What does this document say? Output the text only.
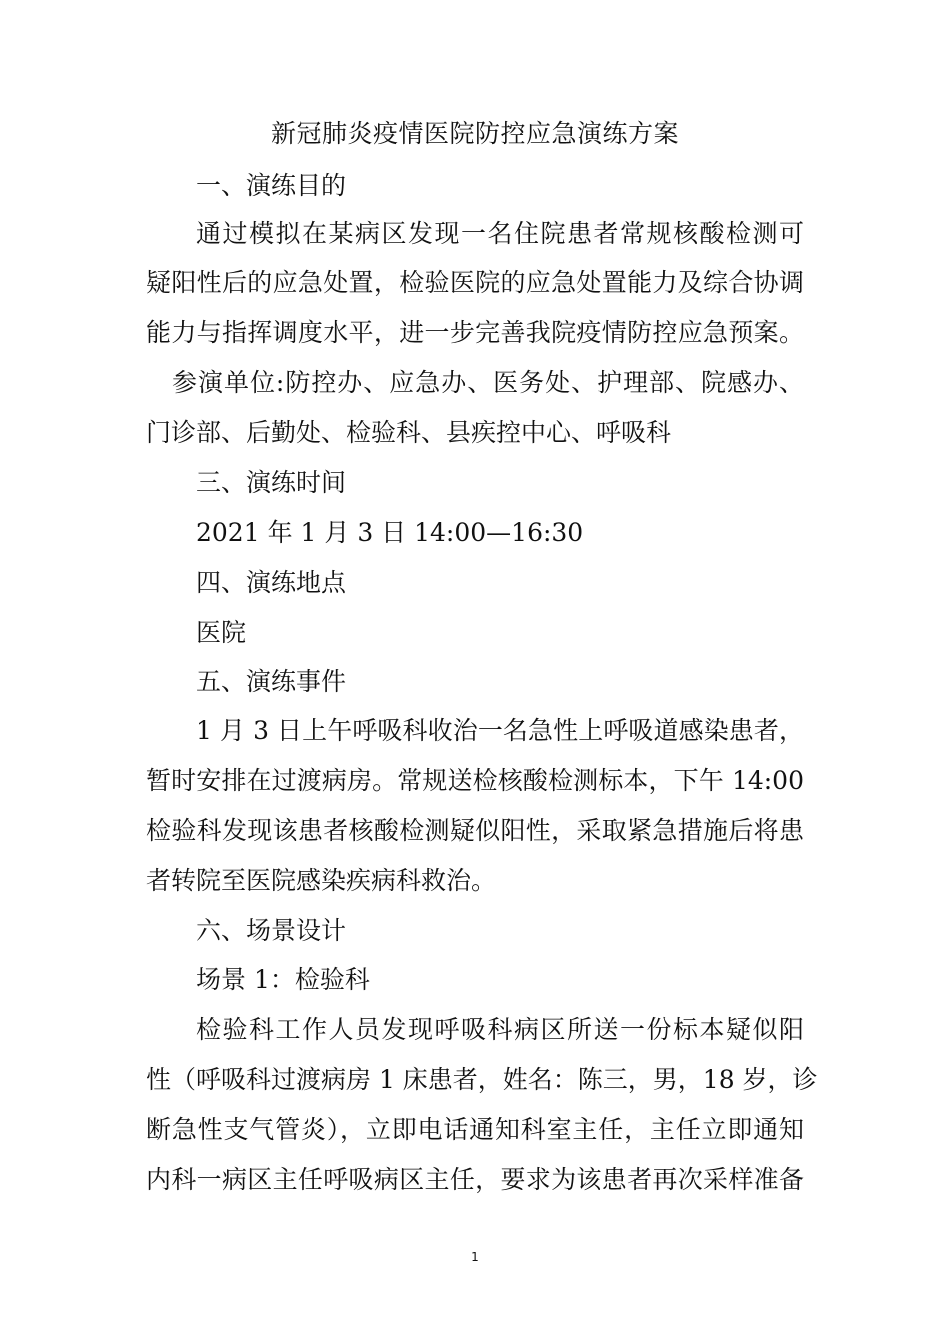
新冠肺炎疫情医院防控应急演练方案
一、演练目的
通过模拟在某病区发现一名住院患者常规核酸检测可
疑阳性后的应急处置，检验医院的应急处置能力及综合协调
能力与指挥调度水平，进一步完善我院疫情防控应急预案。
参演单位:防控办、应急办、医务处、护理部、院感办、
门诊部、后勤处、检验科、县疾控中心、呼吸科
三、演练时间
2021 年 1 月 3 日 14:00—16:30
四、演练地点
医院
五、演练事件
1 月 3 日上午呼吸科收治一名急性上呼吸道感染患者，
暂时安排在过渡病房。常规送检核酸检测标本，下午 14:00
检验科发现该患者核酸检测疑似阳性，采取紧急措施后将患
者转院至医院感染疾病科救治。
六、场景设计
场景 1：检验科
检验科工作人员发现呼吸科病区所送一份标本疑似阳
性（呼吸科过渡病房 1 床患者，姓名：陈三，男，18 岁，诊
断急性支气管炎），立即电话通知科室主任，主任立即通知
内科一病区主任呼吸病区主任，要求为该患者再次采样准备
1
